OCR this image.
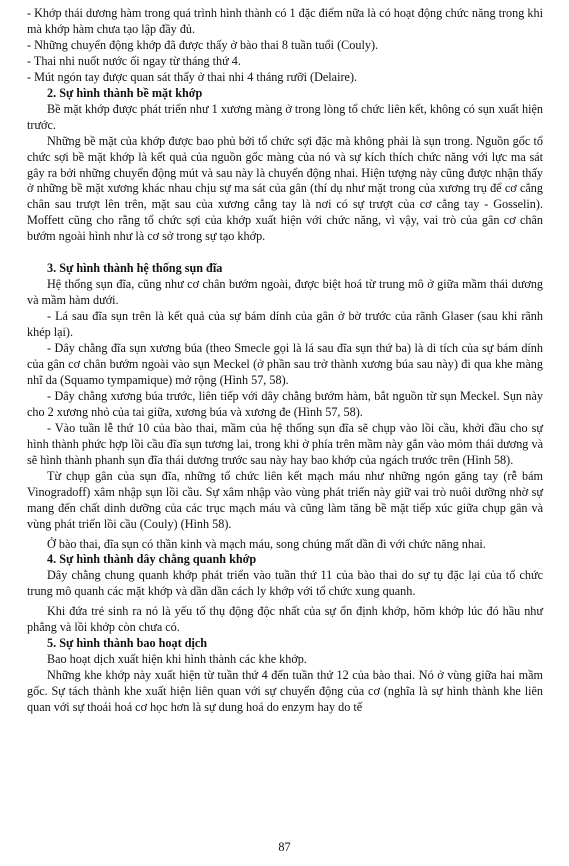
- Khớp thái dương hàm trong quá trình hình thành có 1 đặc điểm nữa là có hoạt động chức năng trong khi mà khớp hàm chưa tạo lập đầy đủ.

- Những chuyển động khớp đã được thấy ở bào thai 8 tuần tuổi (Couly).

- Thai nhi nuốt nước ối ngay từ tháng thứ 4.

- Mút ngón tay được quan sát thấy ở thai nhi 4 tháng rưỡi (Delaire).

2. Sự hình thành bề mặt khớp

Bề mặt khớp được phát triển như 1 xương màng ở trong lòng tổ chức liên kết, không có sụn xuất hiện trước.

Những bề mặt của khớp được bao phủ bởi tổ chức sợi đặc mà không phải là sụn trong. Nguồn gốc tổ chức sợi bề mặt khớp là kết quả của nguồn gốc màng của nó và sự kích thích chức năng với lực ma sát gây ra bởi những chuyển động mút và sau này là chuyển động nhai. Hiện tượng này cũng được nhận thấy ở những bề mặt xương khác nhau chịu sự ma sát của gân (thí dụ như mặt trong của xương trụ để cơ cẳng chân sau trượt lên trên, mặt sau của xương cẳng tay là nơi có sự trượt của cơ cẳng tay - Gosselin). Moffett cũng cho rằng tổ chức sợi của khớp xuất hiện với chức năng, vì vậy, vai trò của gân cơ chân bướm ngoài hình như là cơ sở trong sự tạo khớp.

3. Sự hình thành hệ thống sụn đĩa

Hệ thống sụn đĩa, cũng như cơ chân bướm ngoài, được biệt hoá từ trung mô ở giữa mầm thái dương và mầm hàm dưới.

- Lá sau đĩa sụn trên là kết quả của sự bám dính của gân ở bờ trước của rãnh Glaser (sau khi rãnh khép lại).

- Dây chằng đĩa sụn xương búa (theo Smecle gọi là lá sau đĩa sụn thứ ba) là di tích của sự bám dính của gân cơ chân bướm ngoài vào sụn Meckel (ở phần sau trở thành xương búa sau này) đi qua khe màng nhĩ da (Squamo tympamique) mở rộng (Hình 57, 58).

- Dây chằng xương búa trước, liên tiếp với dây chằng bướm hàm, bắt nguồn từ sụn Meckel. Sụn này cho 2 xương nhỏ của tai giữa, xương búa và xương đe (Hình 57, 58).

- Vào tuần lễ thứ 10 của bào thai, mầm của hệ thống sụn đĩa sẽ chụp vào lồi cầu, khởi đầu cho sự hình thành phức hợp lồi cầu đĩa sụn tương lai, trong khi ở phía trên mầm này gắn vào mỏm thái dương và sẽ hình thành phanh sụn đĩa thái dương trước sau này hay bao khớp của ngách trước trên (Hình 58).

Từ chụp gân của sụn đĩa, những tổ chức liên kết mạch máu như những ngón găng tay (rễ bám Vinogradoff) xâm nhập sụn lồi cầu. Sự xâm nhập vào vùng phát triển này giữ vai trò nuôi dưỡng nhờ sự mang đến chất dinh dưỡng của các trục mạch máu và cũng làm tăng bề mặt tiếp xúc giữa chụp gân và vùng phát triển lồi cầu (Couly) (Hình 58).

Ở bào thai, đĩa sụn có thần kinh và mạch máu, song chúng mất dần đi với chức năng nhai.

4. Sự hình thành dây chằng quanh khớp

Dây chằng chung quanh khớp phát triển vào tuần thứ 11 của bào thai do sự tụ đặc lại của tổ chức trung mô quanh các mặt khớp và dần dần cách ly khớp với tổ chức xung quanh.

Khi đứa trẻ sinh ra nó là yếu tố thụ động độc nhất của sự ổn định khớp, hõm khớp lúc đó hầu như phẳng và lồi khớp còn chưa có.

5. Sự hình thành bao hoạt dịch

Bao hoạt dịch xuất hiện khi hình thành các khe khớp.

Những khe khớp này xuất hiện từ tuần thứ 4 đến tuần thứ 12 của bào thai. Nó ở vùng giữa hai mầm gốc. Sự tách thành khe xuất hiện liên quan với sự chuyển động của cơ (nghĩa là sự hình thành khe liên quan với sự thoái hoá cơ học hơn là sự dung hoá do enzym hay do tế

87
